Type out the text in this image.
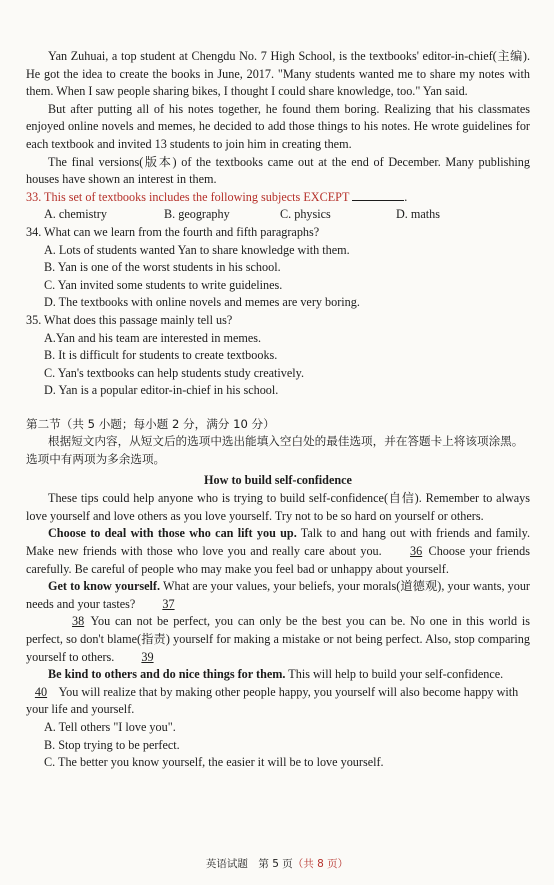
Yan Zuhuai, a top student at Chengdu No. 7 High School, is the textbooks' editor-in-chief(主编). He got the idea to create the books in June, 2017. "Many students wanted me to share my notes with them. When I saw people sharing bikes, I thought I could share knowledge, too." Yan said.

But after putting all of his notes together, he found them boring. Realizing that his classmates enjoyed online novels and memes, he decided to add those things to his notes. He wrote guidelines for each textbook and invited 13 students to join him in creating them.

The final versions(版本) of the textbooks came out at the end of December. Many publishing houses have shown an interest in them.

33. This set of textbooks includes the following subjects EXCEPT	.

A. chemistry	B. geography	C. physics	D. maths

34. What can we learn from the fourth and fifth paragraphs?

A. Lots of students wanted Yan to share knowledge with them.

B. Yan is one of the worst students in his school.

C. Yan invited some students to write guidelines.

D. The textbooks with online novels and memes are very boring.

35. What does this passage mainly tell us?

A.Yan and his team are interested in memes.

B. It is difficult for students to create textbooks.

C. Yan's textbooks can help students study creatively.

D. Yan is a popular editor-in-chief in his school.

第二节（共 5 小题；每小题 2 分，满分 10 分）

根据短文内容，从短文后的选项中选出能填入空白处的最佳选项，并在答题卡上将该项涂黑。选项中有两项为多余选项。

How to build self-confidence

These tips could help anyone who is trying to build self-confidence(自信). Remember to always love yourself and love others as you love yourself. Try not to be so hard on yourself or others.

Choose to deal with those who can lift you up. Talk to and hang out with friends and family. Make new friends with those who love you and really care about you. 36 Choose your friends carefully. Be careful of people who may make you feel bad or unhappy about yourself.

Get to know yourself. What are your values, your beliefs, your morals(道德观), your wants, your needs and your tastes? 37

38 You can not be perfect, you can only be the best you can be. No one in this world is perfect, so don't blame(指责) yourself for making a mistake or not being perfect. Also, stop comparing yourself to others. 39

Be kind to others and do nice things for them. This will help to build your self-confidence.

40 You will realize that by making other people happy, you yourself will also become happy with your life and yourself.

A. Tell others "I love you".

B. Stop trying to be perfect.

C. The better you know yourself, the easier it will be to love yourself.

英语试题　第 5 页（共 8 页）
